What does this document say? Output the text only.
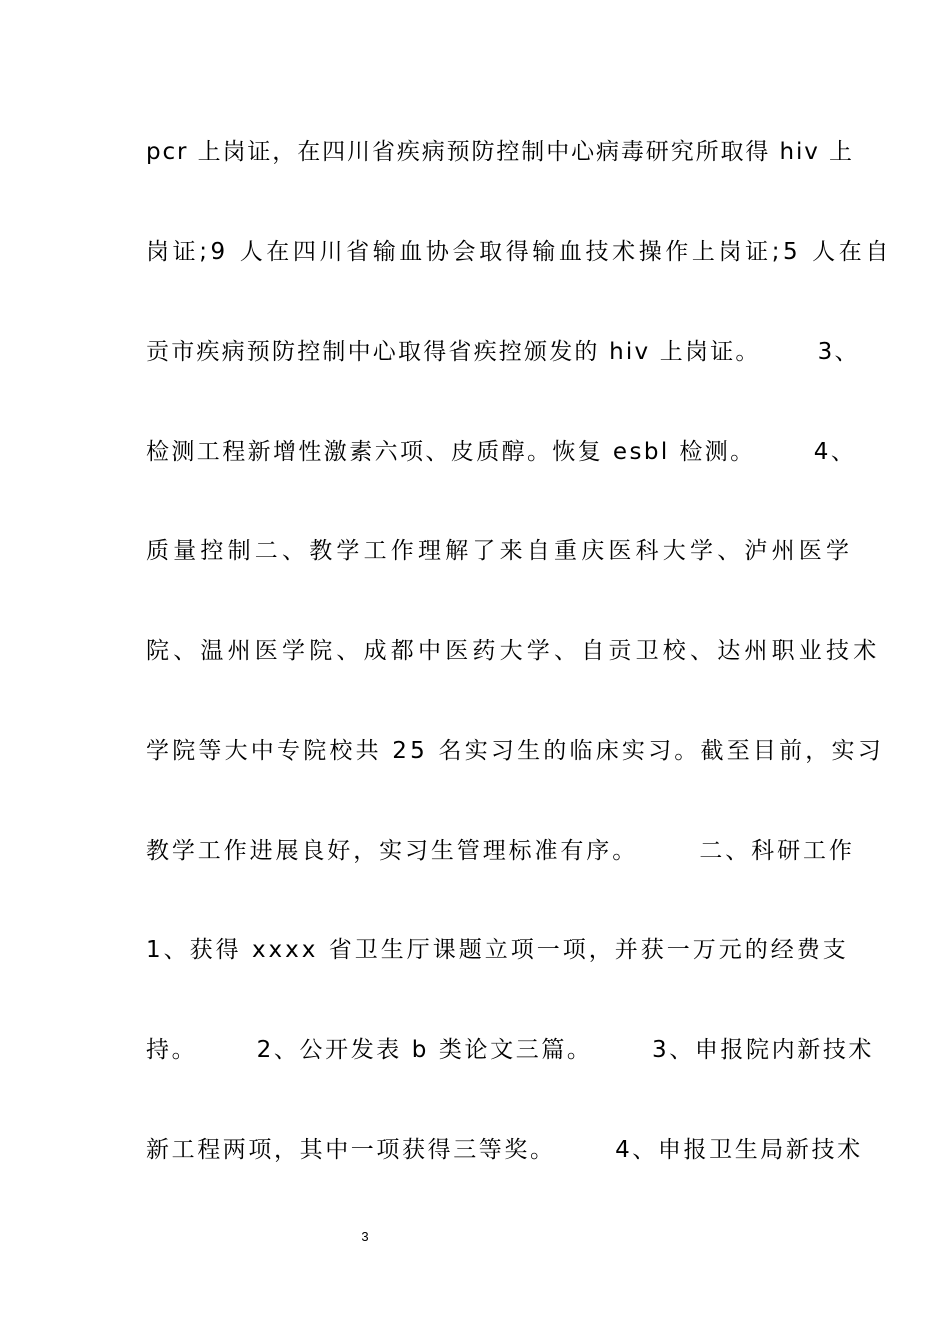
pcr 上岗证，在四川省疾病预防控制中心病毒研究所取得 hiv 上
岗证;9 人在四川省输血协会取得输血技术操作上岗证;5 人在自
贡市疾病预防控制中心取得省疾控颁发的 hiv 上岗证。      3、
检测工程新增性激素六项、皮质醇。恢复 esbl 检测。      4、
质量控制二、教学工作理解了来自重庆医科大学、泸州医学
院、温州医学院、成都中医药大学、自贡卫校、达州职业技术
学院等大中专院校共 25 名实习生的临床实习。截至目前，实习
教学工作进展良好，实习生管理标准有序。      二、科研工作
1、获得 xxxx 省卫生厅课题立项一项，并获一万元的经费支
持。      2、公开发表 b 类论文三篇。      3、申报院内新技术
新工程两项，其中一项获得三等奖。      4、申报卫生局新技术
3
